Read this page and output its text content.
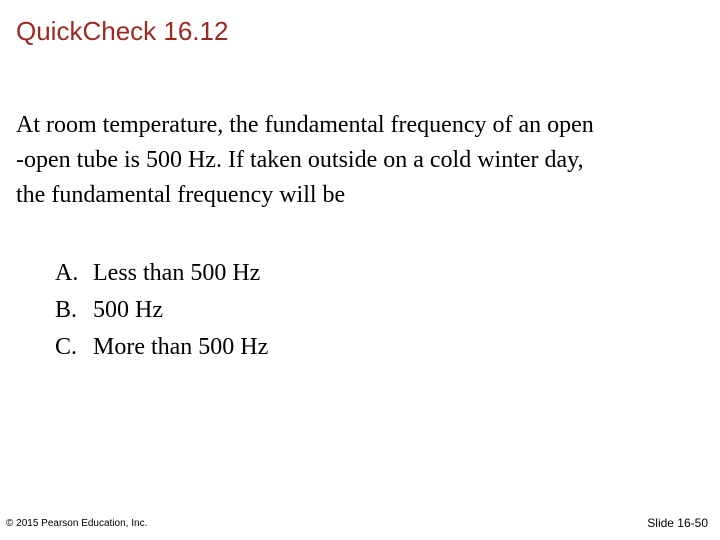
QuickCheck 16.12
At room temperature, the fundamental frequency of an open
-open tube is 500 Hz. If taken outside on a cold winter day,
the fundamental frequency will be
A. Less than 500 Hz
B. 500 Hz
C. More than 500 Hz
© 2015 Pearson Education, Inc.	Slide 16-50
